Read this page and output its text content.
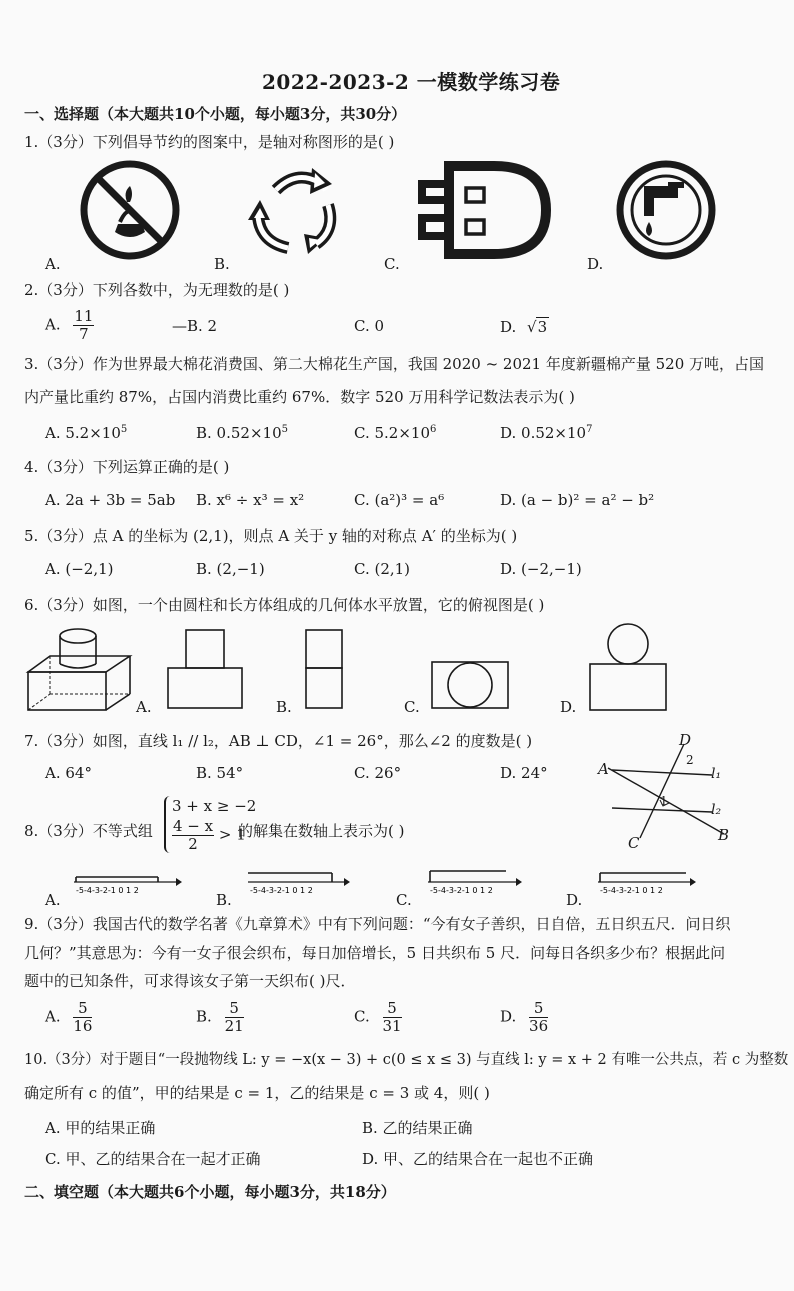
2022-2023-2 一模数学练习卷
一、选择题（本大题共10个小题，每小题3分，共30分）
1.（3分）下列倡导节约的图案中，是轴对称图形的是( )
A.	B.	C.	D.
2.（3分）下列各数中，为无理数的是( )
A. $\frac{11}{7}$	—B. 2	C. 0	D. √3
3.（3分）作为世界最大棉花消费国、第二大棉花生产国，我国 2020 ~ 2021 年度新疆棉产量 520 万吨，占国
内产量比重约 87%，占国内消费比重约 67%．数字 520 万用科学记数法表示为( )
A. $5.2\times 10^5$	B. $0.52\times 10^5$	C. $5.2\times 10^6$	D. $0.52\times 10^7$
4.（3分）下列运算正确的是( )
A. 2a + 3b = 5ab B. x⁶ ÷ x³ = x²	C. (a²)³ = a⁶	D. (a − b)² = a² − b²
5.（3分）点 A 的坐标为 (2,1)，则点 A 关于 y 轴的对称点 A′ 的坐标为( )
A. (−2,1)	B. (2,−1)	C. (2,1)	D. (−2,−1)
6.（3分）如图，一个由圆柱和长方体组成的几何体水平放置，它的俯视图是( )
A.	B.	C.	D.
7.（3分）如图，直线 l₁ // l₂，AB ⊥ CD，∠1 = 26°，那么∠2 的度数是( )
A. 64°	B. 54°	C. 26°	D. 24°
D
A	l₁
l₂
C	B
2
1
8.（3分）不等式组
3 + x ≥ −2
$\frac{4 - x}{2} > 1$
的解集在数轴上表示为( )
-5-4-3-2-1 0 1 2	-5-4-3-2-1 0 1 2	-5-4-3-2-1 0 1 2	-5-4-3-2-1 0 1 2
A.	B.	C.	D.
9.（3分）我国古代的数学名著《九章算术》中有下列问题：“今有女子善织，日自倍，五日织五尺．问日织
几何？”其意思为：今有一女子很会织布，每日加倍增长，5 日共织布 5 尺．问每日各织多少布？根据此问
题中的已知条件，可求得该女子第一天织布( )尺．
A. $\frac{5}{16}$	B. $\frac{5}{21}$	C. $\frac{5}{31}$	D. $\frac{5}{36}$
10.（3分）对于题目“一段抛物线 L: y = −x(x − 3) + c(0 ≤ x ≤ 3) 与直线 l: y = x + 2 有唯一公共点，若 c 为整数
确定所有 c 的值”，甲的结果是 c = 1，乙的结果是 c = 3 或 4，则( )
A. 甲的结果正确	B. 乙的结果正确
C. 甲、乙的结果合在一起才正确	D. 甲、乙的结果合在一起也不正确
二、填空题（本大题共6个小题，每小题3分，共18分）
